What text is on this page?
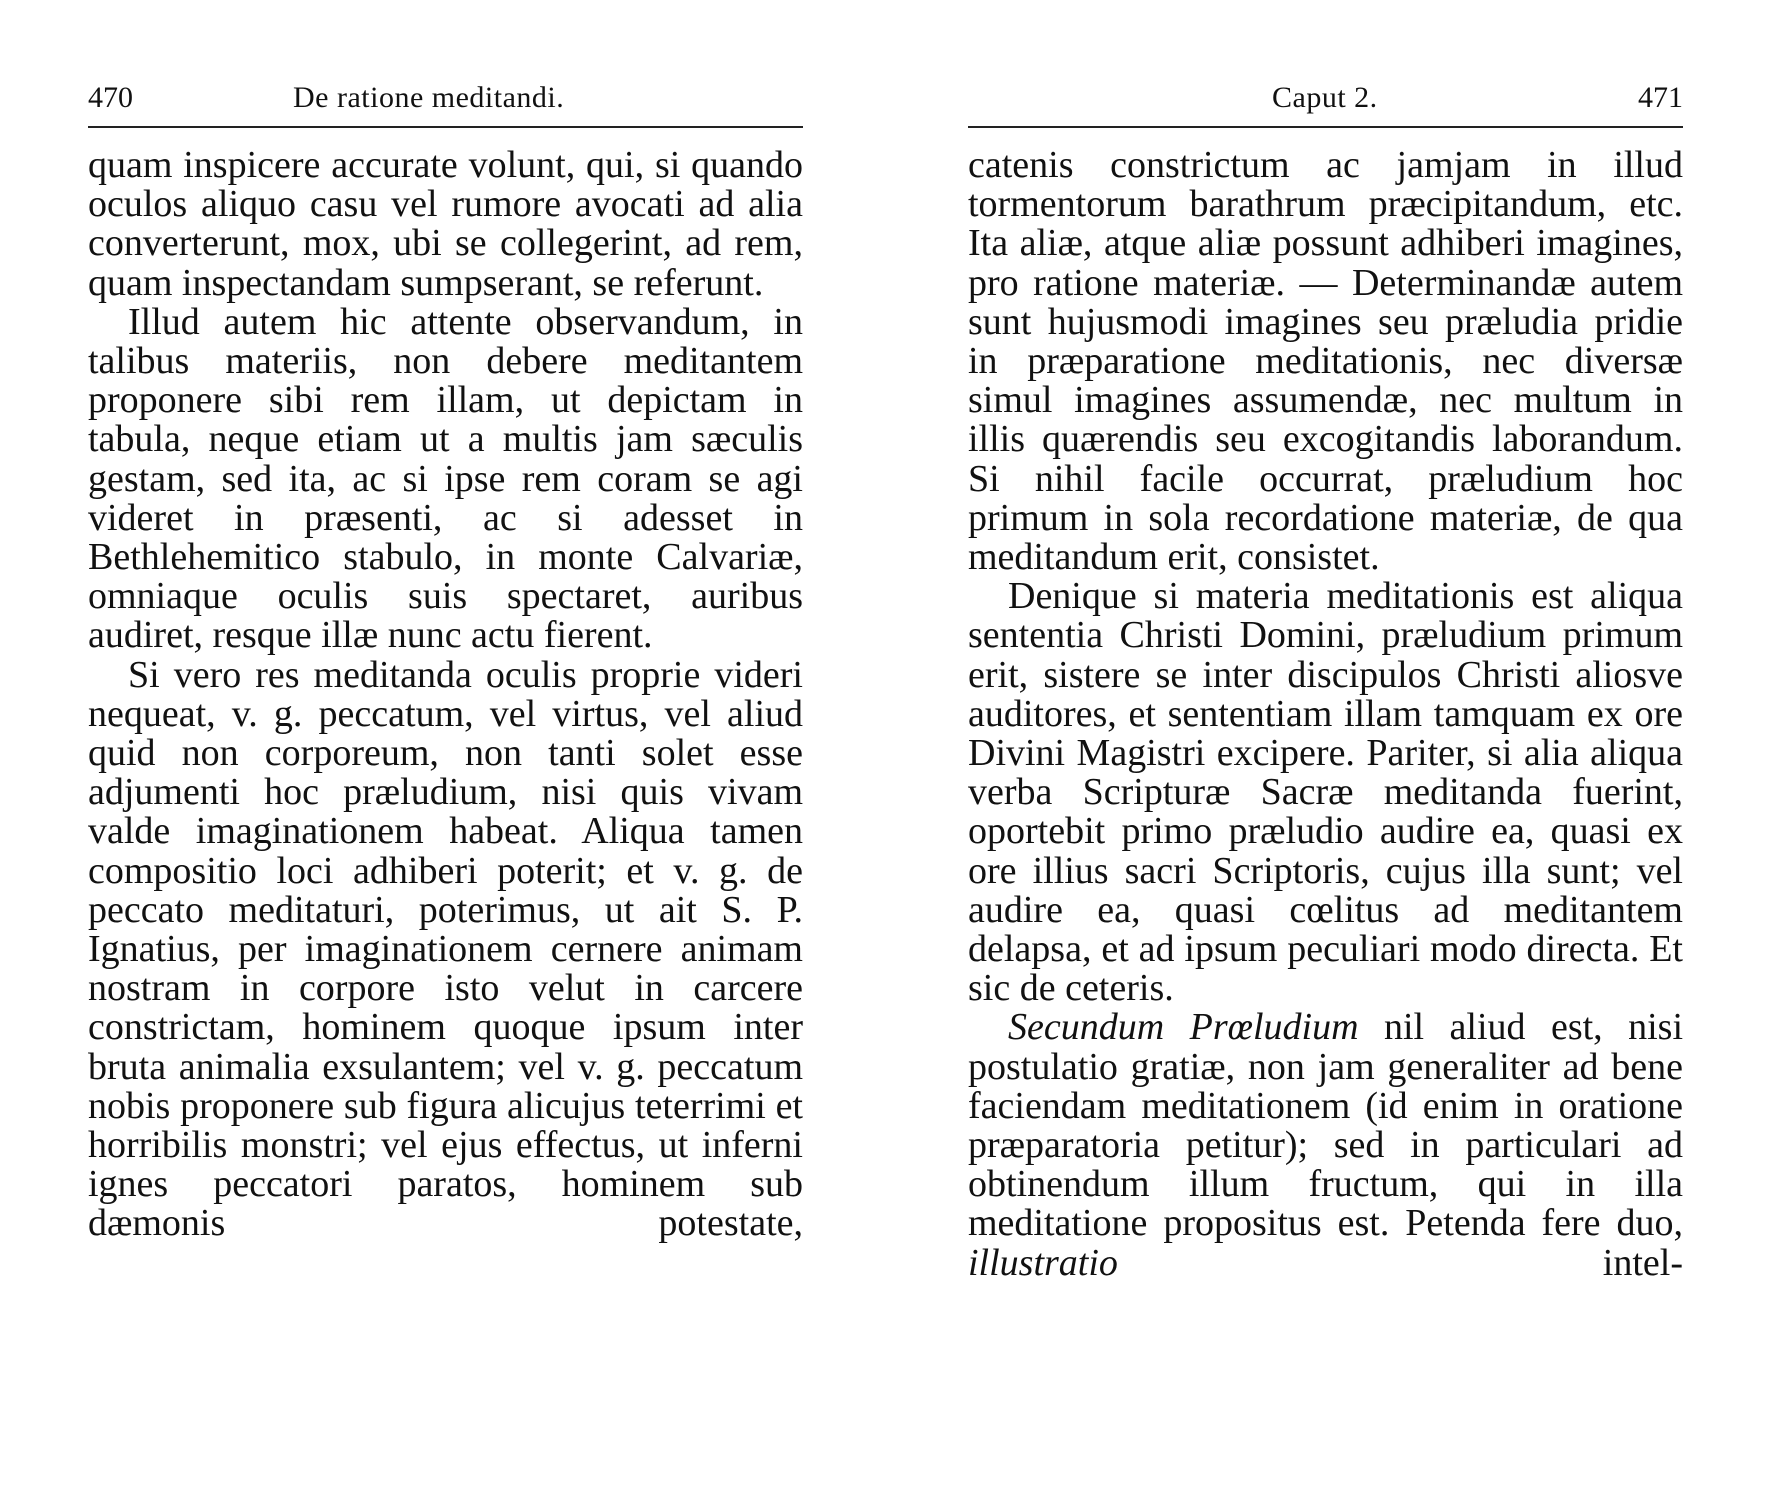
470	De ratione meditandi.

quam inspicere accurate volunt, qui, si quando oculos aliquo casu vel rumore avocati ad alia converterunt, mox, ubi se collegerint, ad rem, quam inspectandam sumpserant, se referunt.

Illud autem hic attente observandum, in talibus materiis, non debere meditantem proponere sibi rem illam, ut depictam in tabula, neque etiam ut a multis jam sæculis gestam, sed ita, ac si ipse rem coram se agi videret in præsenti, ac si adesset in Bethlehemitico stabulo, in monte Calvariæ, omniaque oculis suis spectaret, auribus audiret, resque illæ nunc actu fierent.

Si vero res meditanda oculis proprie videri nequeat, v. g. peccatum, vel virtus, vel aliud quid non corporeum, non tanti solet esse adjumenti hoc præludium, nisi quis vivam valde imaginationem habeat. Aliqua tamen compositio loci adhiberi poterit; et v. g. de peccato meditaturi, poterimus, ut ait S. P. Ignatius, per imaginationem cernere animam nostram in corpore isto velut in carcere constrictam, hominem quoque ipsum inter bruta animalia exsulantem; vel v. g. peccatum nobis proponere sub figura alicujus teterrimi et horribilis monstri; vel ejus effectus, ut inferni ignes peccatori paratos, hominem sub dæmonis potestate,

Caput 2.	471

catenis constrictum ac jamjam in illud tormentorum barathrum præcipitandum, etc. Ita aliæ, atque aliæ possunt adhiberi imagines, pro ratione materiæ. — Determinandæ autem sunt hujusmodi imagines seu præludia pridie in præparatione meditationis, nec diversæ simul imagines assumendæ, nec multum in illis quærendis seu excogitandis laborandum. Si nihil facile occurrat, præludium hoc primum in sola recordatione materiæ, de qua meditandum erit, consistet.

Denique si materia meditationis est aliqua sententia Christi Domini, præludium primum erit, sistere se inter discipulos Christi aliosve auditores, et sententiam illam tamquam ex ore Divini Magistri excipere. Pariter, si alia aliqua verba Scripturæ Sacræ meditanda fuerint, oportebit primo præludio audire ea, quasi ex ore illius sacri Scriptoris, cujus illa sunt; vel audire ea, quasi cœlitus ad meditantem delapsa, et ad ipsum peculiari modo directa. Et sic de ceteris.

Secundum Prœludium nil aliud est, nisi postulatio gratiæ, non jam generaliter ad bene faciendam meditationem (id enim in oratione præparatoria petitur); sed in particulari ad obtinendum illum fructum, qui in illa meditatione propositus est. Petenda fere duo, illustratio intel-
